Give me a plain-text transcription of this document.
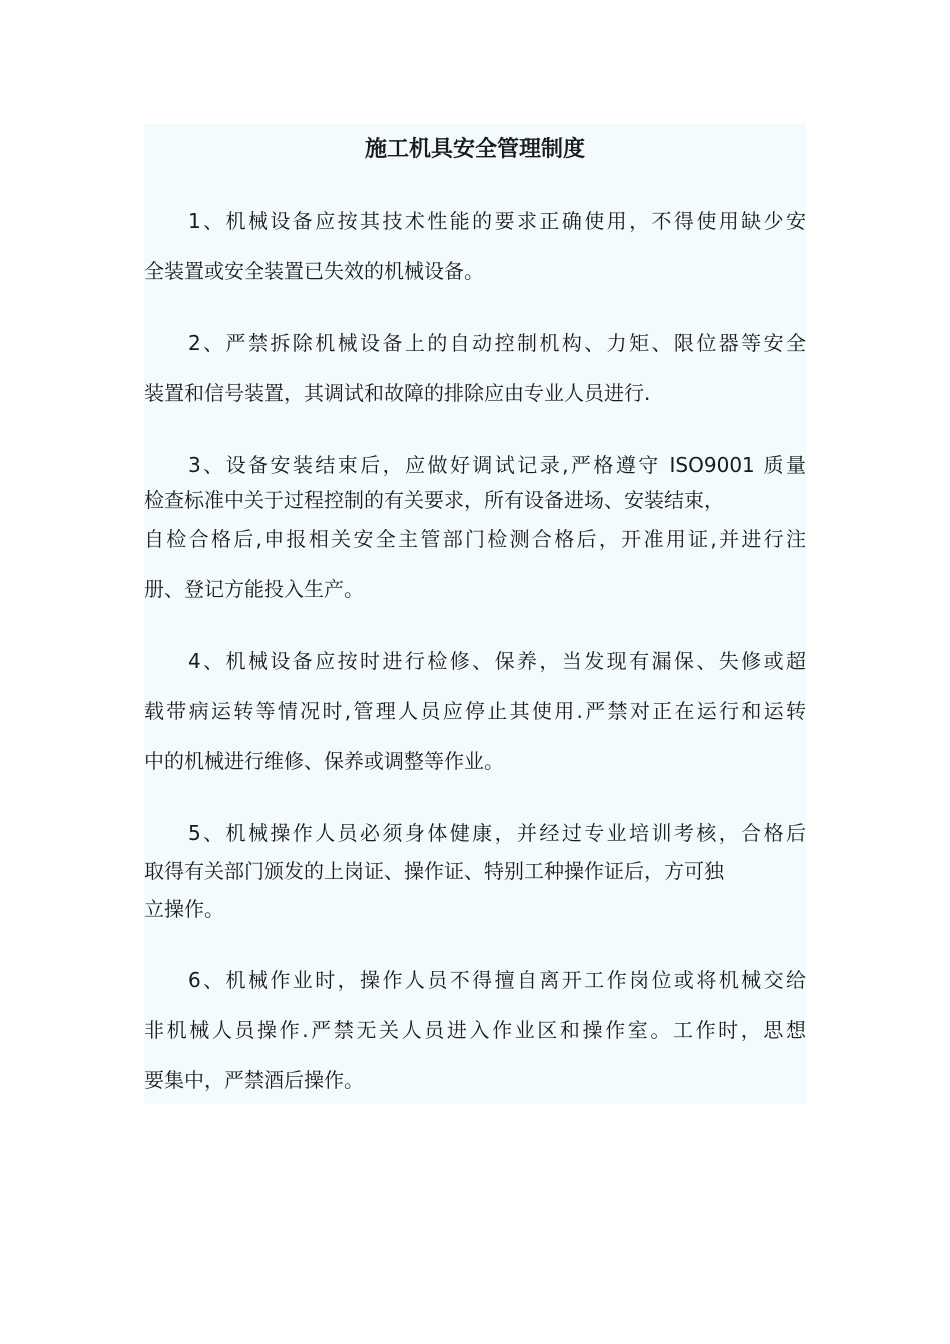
施工机具安全管理制度
1、机械设备应按其技术性能的要求正确使用，不得使用缺少安
全装置或安全装置已失效的机械设备。
2、严禁拆除机械设备上的自动控制机构、力矩、限位器等安全
装置和信号装置，其调试和故障的排除应由专业人员进行.
3、设备安装结束后，应做好调试记录,严格遵守 ISO9001 质量
检查标准中关于过程控制的有关要求，所有设备进场、安装结束，
自检合格后,申报相关安全主管部门检测合格后，开准用证,并进行注
册、登记方能投入生产。
4、机械设备应按时进行检修、保养，当发现有漏保、失修或超
载带病运转等情况时,管理人员应停止其使用.严禁对正在运行和运转
中的机械进行维修、保养或调整等作业。
5、机械操作人员必须身体健康，并经过专业培训考核，合格后
取得有关部门颁发的上岗证、操作证、特别工种操作证后，方可独
立操作。
6、机械作业时，操作人员不得擅自离开工作岗位或将机械交给
非机械人员操作.严禁无关人员进入作业区和操作室。工作时，思想
要集中，严禁酒后操作。
